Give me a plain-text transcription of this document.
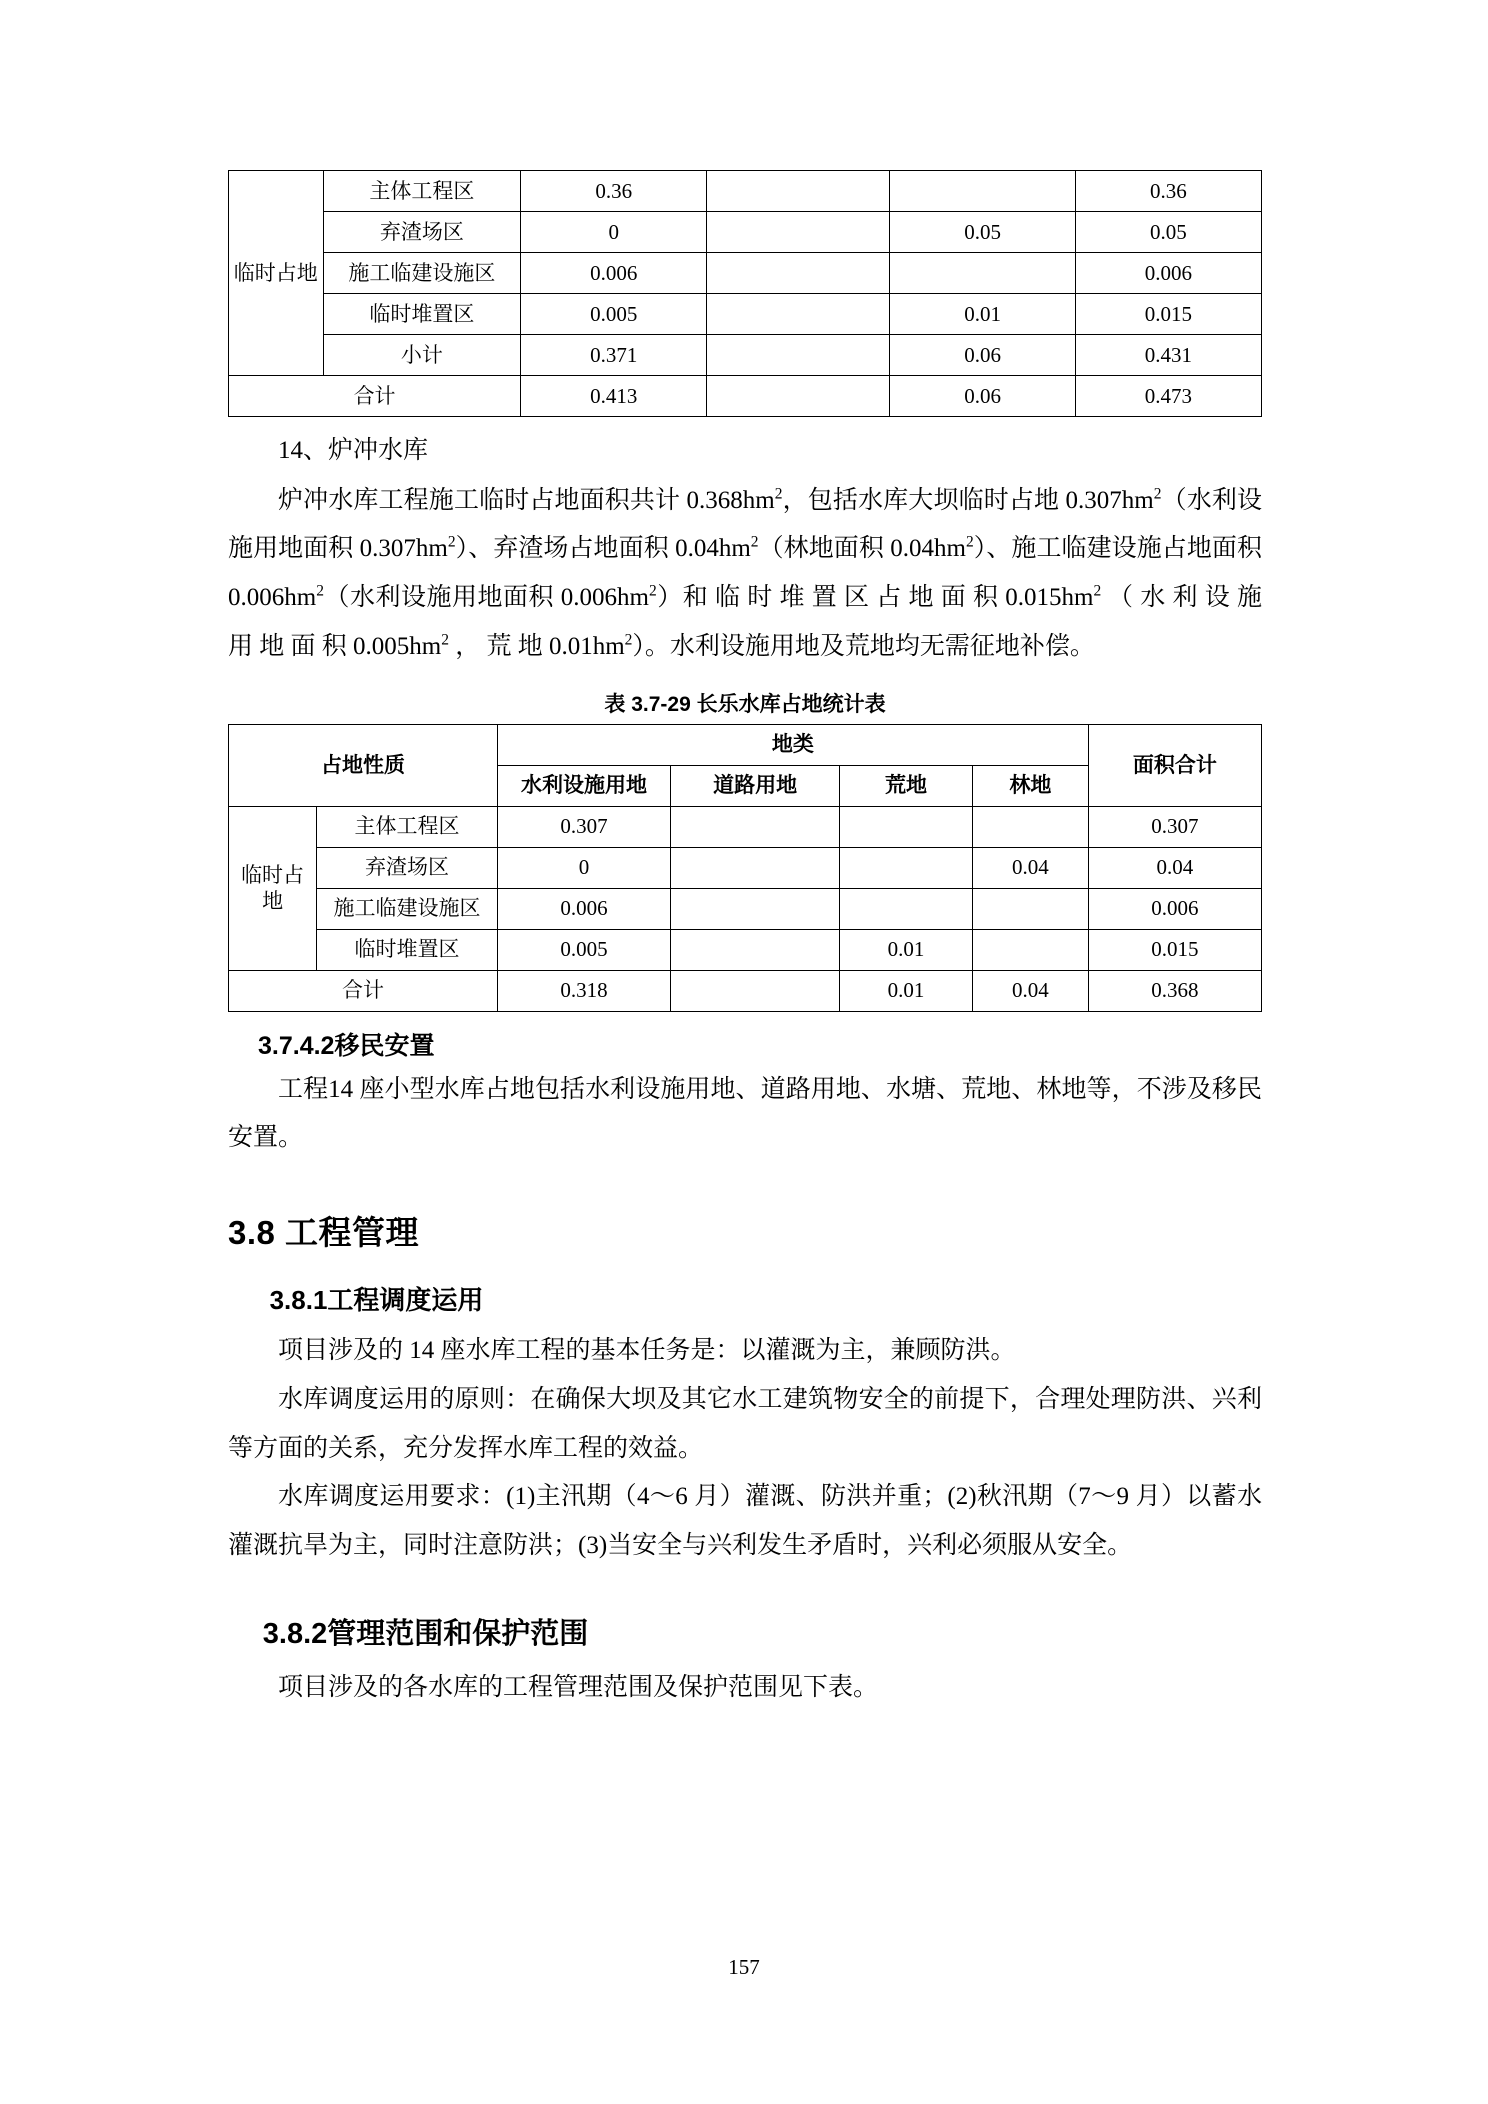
临时占地	主体工程区	0.36			0.36
	弃渣场区	0		0.05	0.05
	施工临建设施区	0.006			0.006
	临时堆置区	0.005		0.01	0.015
	小计	0.371		0.06	0.431
合计		0.413		0.06	0.473
14、炉冲水库

炉冲水库工程施工临时占地面积共计 $0.368hm^2$，包括水库大坝临时占地 $0.307hm^2$（水利设施用地面积 $0.307hm^2$）、弃渣场占地面积 $0.04hm^2$（林地面积 $0.04hm^2$）、施工临建设施占地面积 $0.006hm^2$（水利设施用地面积 $0.006hm^2$）和 临 时 堆 置 区 占 地 面 积 $0.015hm^2$ （ 水 利 设 施 用 地 面 积 $0.005hm^2$ ， 荒 地 $0.01hm^2$）。水利设施用地及荒地均无需征地补偿。

表 3.7-29 长乐水库占地统计表
占地性质		地类				面积合计
		水利设施用地	道路用地	荒地	林地	
临时占地	主体工程区	0.307				0.307
	弃渣场区	0			0.04	0.04
	施工临建设施区	0.006				0.006
	临时堆置区	0.005		0.01		0.015
合计		0.318		0.01	0.04	0.368
3.7.4.2移民安置

工程14 座小型水库占地包括水利设施用地、道路用地、水塘、荒地、林地等，不涉及移民安置。

3.8 工程管理
3.8.1工程调度运用

项目涉及的 14 座水库工程的基本任务是：以灌溉为主，兼顾防洪。

水库调度运用的原则：在确保大坝及其它水工建筑物安全的前提下，合理处理防洪、兴利等方面的关系，充分发挥水库工程的效益。

水库调度运用要求：(1)主汛期（4～6 月）灌溉、防洪并重；(2)秋汛期（7～9 月）以蓄水灌溉抗旱为主，同时注意防洪；(3)当安全与兴利发生矛盾时，兴利必须服从安全。

3.8.2管理范围和保护范围

项目涉及的各水库的工程管理范围及保护范围见下表。

157
